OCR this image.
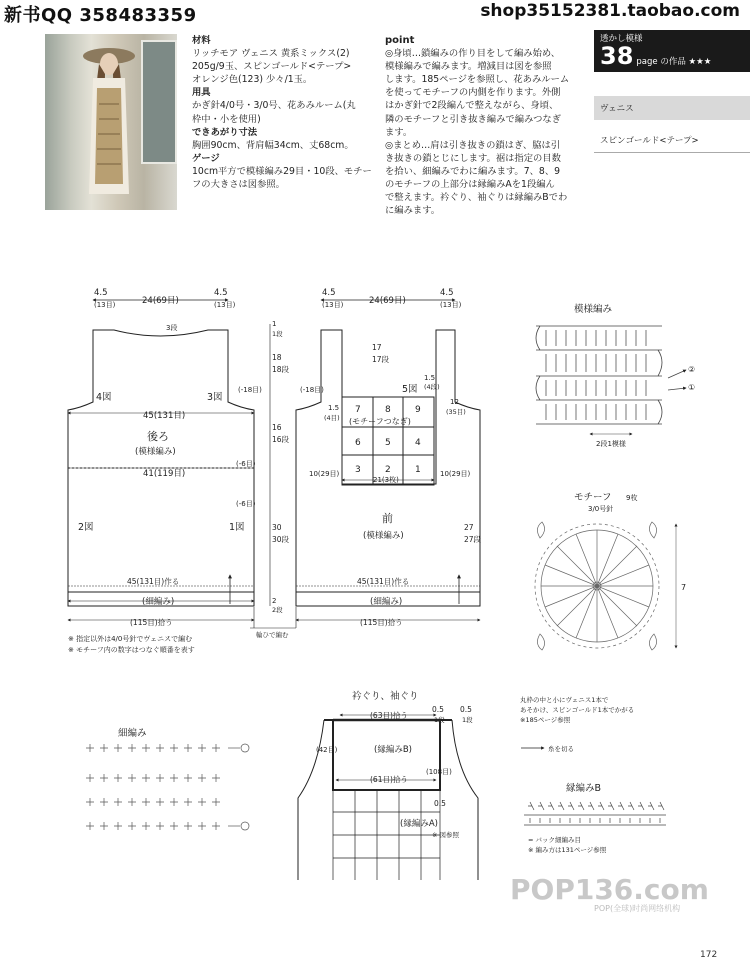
新书QQ 358483359	shop35152381.taobao.com
材料
リッチモア ヴェニス 黄系ミックス(2)
205g/9玉、スピンゴールド<テープ>
オレンジ色(123) 少々/1玉。
用具
かぎ針4/0号・3/0号、花あみルーム(丸
枠中・小を使用)
できあがり寸法
胸囲90cm、背肩幅34cm、丈68cm。
ゲージ
10cm平方で模様編み29目・10段、モチー
フの大きさは図参照。
point
◎身頃…鎖編みの作り目をして編み始め、
模様編みで編みます。増減目は図を参照
します。185ページを参照し、花あみルーム
を使ってモチーフの内側を作ります。外側
はかぎ針で2段編んで整えながら、身頃、
隣のモチーフと引き抜き編みで編みつなぎ
ます。
◎まとめ…肩は引き抜きの鎖はぎ、脇は引
き抜きの鎖とじにします。裾は指定の目数
を拾い、細編みでわに編みます。7、8、9
のモチーフの上部分は縁編みAを1段編ん
で整えます。衿ぐり、袖ぐりは縁編みBでわ
に編みます。
透かし模様
38 page の作品 ★★★
ヴェニス
スピンゴールド<テープ>
4.5
(13目)	24(69目)
4.5
(13目)
3段
4図	3図
45(131目)
後ろ
(模様編み)
41(119目)
2図	1図
45(131目)作る
(細編み)
(115目)拾う
1
1段
18
18段
(-18目)
16
16段
(-6目)
(-6目)
30
30段
2
2段
4.5
(13目)	24(69目)
4.5
(13目)
17
17段
(-18目)	5図
1.5
(4段)
1.5
(4目) (モチーフつなぎ)
12
(35目)
7	8	9
6	5	4
3	2	1
21(3枚)
10(29目)	10(29目)
前
(模様編み)
27
27段
45(131目)作る
(細編み)
(115目)拾う
輪ひで編む
※ 指定以外は4/0号針でヴェニスで編む
※ モチーフ内の数字はつなぐ順番を表す
模様編み
2段1模様
②
①
モチーフ 9枚
3/0号針
7
丸枠の中と小にヴェニス1本で
あそかけ、スピンゴールド1本でかがる
※185ページ参照
糸を切る
縁編みB
= バック細編み目
※ 編み方は131ページ参照
細編み
衿ぐり、袖ぐり
(63目)拾う
0.5
1段
0.5
1段
(縁編みB)
(42目)
(108目)
(61目)拾う
0.5
(縁編みA)
※ 図参照
POP136.com
POP(全球)时尚网络机构
172
